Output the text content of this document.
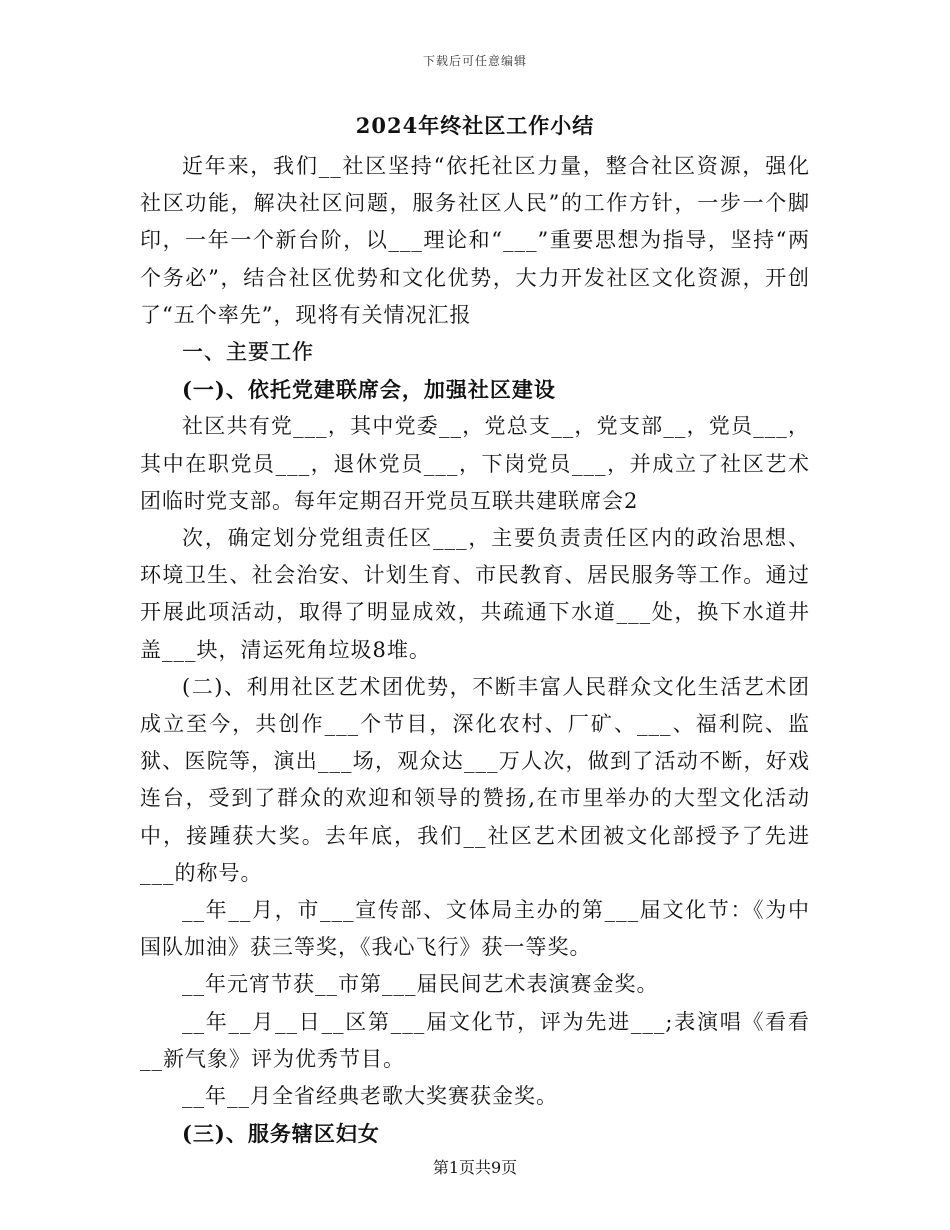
下载后可任意编辑
2024年终社区工作小结

近年来，我们__社区坚持“依托社区力量，整合社区资源，强化社区功能，解决社区问题，服务社区人民”的工作方针，一步一个脚印，一年一个新台阶，以___理论和“___”重要思想为指导，坚持“两个务必”，结合社区优势和文化优势，大力开发社区文化资源，开创了“五个率先”，现将有关情况汇报

一、主要工作

(一)、依托党建联席会，加强社区建设

社区共有党___，其中党委__，党总支__，党支部__，党员___，其中在职党员___，退休党员___，下岗党员___，并成立了社区艺术团临时党支部。每年定期召开党员互联共建联席会2

次，确定划分党组责任区___，主要负责责任区内的政治思想、环境卫生、社会治安、计划生育、市民教育、居民服务等工作。通过开展此项活动，取得了明显成效，共疏通下水道___处，换下水道井盖___块，清运死角垃圾8堆。

(二)、利用社区艺术团优势，不断丰富人民群众文化生活艺术团成立至今，共创作___个节目，深化农村、厂矿、___、福利院、监狱、医院等，演出___场，观众达___万人次，做到了活动不断，好戏连台，受到了群众的欢迎和领导的赞扬,在市里举办的大型文化活动中，接踵获大奖。去年底，我们__社区艺术团被文化部授予了先进___的称号。

__年__月，市___宣传部、文体局主办的第___届文化节：《为中国队加油》获三等奖，《我心飞行》获一等奖。

__年元宵节获__市第___届民间艺术表演赛金奖。

__年__月__日__区第___届文化节，评为先进___;表演唱《看看__新气象》评为优秀节目。

__年__月全省经典老歌大奖赛获金奖。

(三)、服务辖区妇女

第1页共9页
